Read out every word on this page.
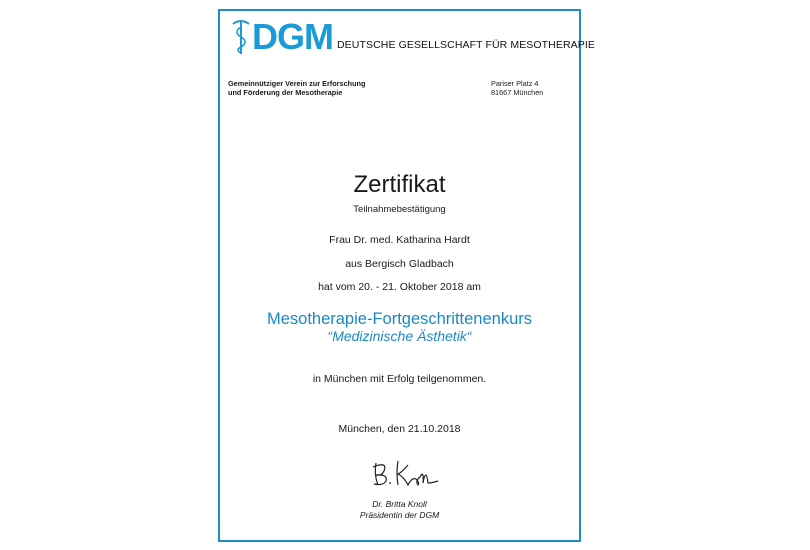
DGM DEUTSCHE GESELLSCHAFT FÜR MESOTHERAPIE
Gemeinnütziger Verein zur Erforschung
und Förderung der Mesotherapie
Pariser Platz 4
81667 München
Zertifikat
Teilnahmebestätigung
Frau Dr. med. Katharina Hardt
aus Bergisch Gladbach
hat vom 20. - 21. Oktober 2018 am
Mesotherapie-Fortgeschrittenenkurs
“Medizinische Ästhetik“
in München mit Erfolg teilgenommen.
München, den 21.10.2018
Dr. Britta Knoll
Präsidentin der DGM
